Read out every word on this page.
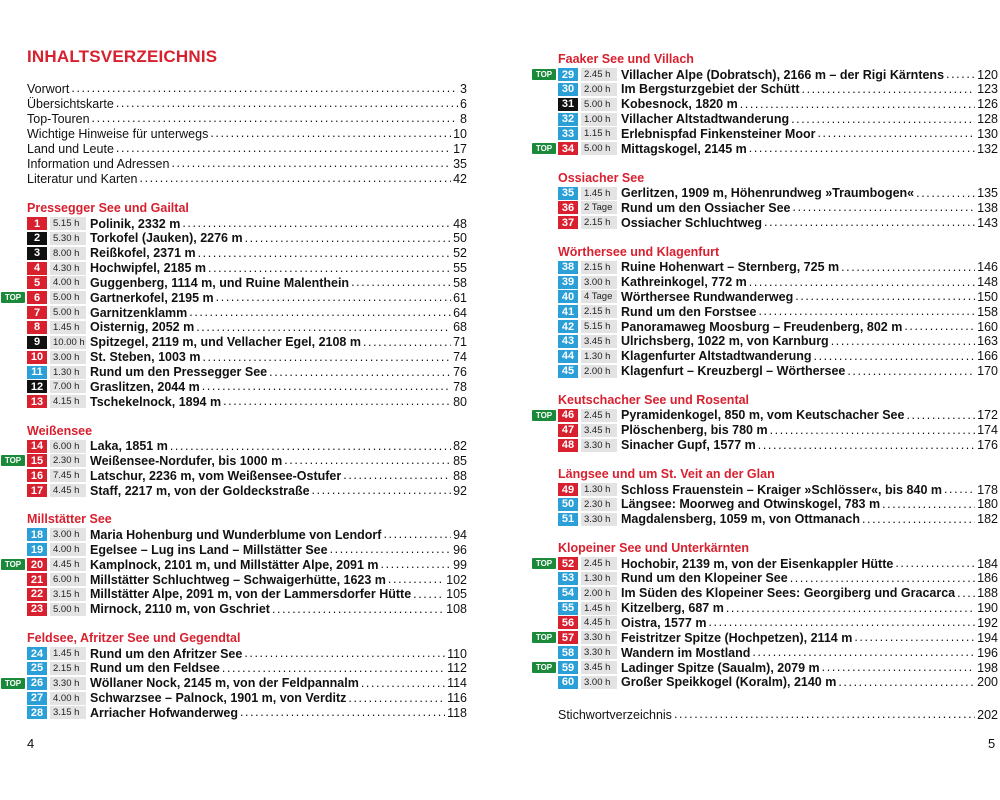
INHALTSVERZEICHNIS
Vorwort .....	3
Übersichtskarte .....	6
Top-Touren .....	8
Wichtige Hinweise für unterwegs .....	10
Land und Leute .....	17
Information und Adressen .....	35
Literatur und Karten .....	42
Pressegger See und Gailtal
1	5.15 h Polinik, 2332 m .....	48
2	5.30 h Torkofel (Jauken), 2276 m .....	50
3	8.00 h Reißkofel, 2371 m .....	52
4	4.30 h Hochwipfel, 2185 m .....	55
5	4.00 h Guggenberg, 1114 m, und Ruine Malenthein .....	58
TOP	6	5.00 h Gartnerkofel, 2195 m .....	61
7	5.00 h Garnitzenklamm .....	64
8	1.45 h Oisternig, 2052 m .....	68
9	10.00 h Spitzegel, 2119 m, und Vellacher Egel, 2108 m .....	71
10	3.00 h St. Steben, 1003 m .....	74
11	1.30 h Rund um den Pressegger See .....	76
12	7.00 h Graslitzen, 2044 m .....	78
13	4.15 h Tschekelnock, 1894 m .....	80
Weißensee
14	6.00 h Laka, 1851 m .....	82
TOP 15	2.30 h Weißensee-Nordufer, bis 1000 m .....	85
16	7.45 h Latschur, 2236 m, vom Weißensee-Ostufer .....	88
17	4.45 h Staff, 2217 m, von der Goldeckstraße .....	92
Millstätter See
18	3.00 h Maria Hohenburg und Wunderblume von Lendorf .....	94
19	4.00 h Egelsee – Lug ins Land – Millstätter See .....	96
TOP 20	4.45 h Kamplnock, 2101 m, und Millstätter Alpe, 2091 m .....	99
21	6.00 h Millstätter Schluchtweg – Schwaigerhütte, 1623 m .....	102
22	3.15 h Millstätter Alpe, 2091 m, von der Lammersdorfer Hütte .....	105
23	5.00 h Mirnock, 2110 m, von Gschriet .....	108
Feldsee, Afritzer See und Gegendtal
24	1.45 h Rund um den Afritzer See .....	110
25	2.15 h Rund um den Feldsee .....	112
TOP 26	3.30 h Wöllaner Nock, 2145 m, von der Feldpannalm .....	114
27	4.00 h Schwarzsee – Palnock, 1901 m, von Verditz .....	116
28	3.15 h Arriacher Hofwanderweg .....	118
Faaker See und Villach
TOP 29	2.45 h Villacher Alpe (Dobratsch), 2166 m – der Rigi Kärntens .....	120
30	2.00 h Im Bergsturzgebiet der Schütt .....	123
31	5.00 h Kobesnock, 1820 m .....	126
32	1.00 h Villacher Altstadtwanderung .....	128
33	1.15 h Erlebnispfad Finkensteiner Moor .....	130
TOP 34	5.00 h Mittagskogel, 2145 m .....	132
Ossiacher See
35	1.45 h Gerlitzen, 1909 m, Höhenrundweg »Traumbogen« .....	135
36	2 Tage Rund um den Ossiacher See .....	138
37	2.15 h Ossiacher Schluchtweg .....	143
Wörthersee und Klagenfurt
38	2.15 h Ruine Hohenwart – Sternberg, 725 m .....	146
39	3.00 h Kathreinkogel, 772 m .....	148
40	4 Tage Wörthersee Rundwanderweg .....	150
41	2.15 h Rund um den Forstsee .....	158
42	5.15 h Panoramaweg Moosburg – Freudenberg, 802 m .....	160
43	3.45 h Ulrichsberg, 1022 m, von Karnburg .....	163
44	1.30 h Klagenfurter Altstadtwanderung .....	166
45	2.00 h Klagenfurt – Kreuzbergl – Wörthersee .....	170
Keutschacher See und Rosental
TOP 46	2.45 h Pyramidenkogel, 850 m, vom Keutschacher See .....	172
47	3.45 h Plöschenberg, bis 780 m .....	174
48	3.30 h Sinacher Gupf, 1577 m .....	176
Längsee und um St. Veit an der Glan
49	1.30 h Schloss Frauenstein – Kraiger »Schlösser«, bis 840 m .....	178
50	2.30 h Längsee: Moorweg and Otwinskogel, 783 m .....	180
51	3.30 h Magdalensberg, 1059 m, von Ottmanach .....	182
Klopeiner See und Unterkärnten
TOP 52	2.45 h Hochobir, 2139 m, von der Eisenkappler Hütte .....	184
53	1.30 h Rund um den Klopeiner See .....	186
54	2.00 h Im Süden des Klopeiner Sees: Georgiberg und Gracarca ..... 188
55	1.45 h Kitzelberg, 687 m .....	190
56	4.45 h Oistra, 1577 m .....	192
TOP 57	3.30 h Feistritzer Spitze (Hochpetzen), 2114 m .....	194
58	3.30 h Wandern im Mostland .....	196
TOP 59	3.45 h Ladinger Spitze (Saualm), 2079 m .....	198
60	3.00 h Großer Speikkogel (Koralm), 2140 m .....	200
Stichwortverzeichnis .....	202
4	5
